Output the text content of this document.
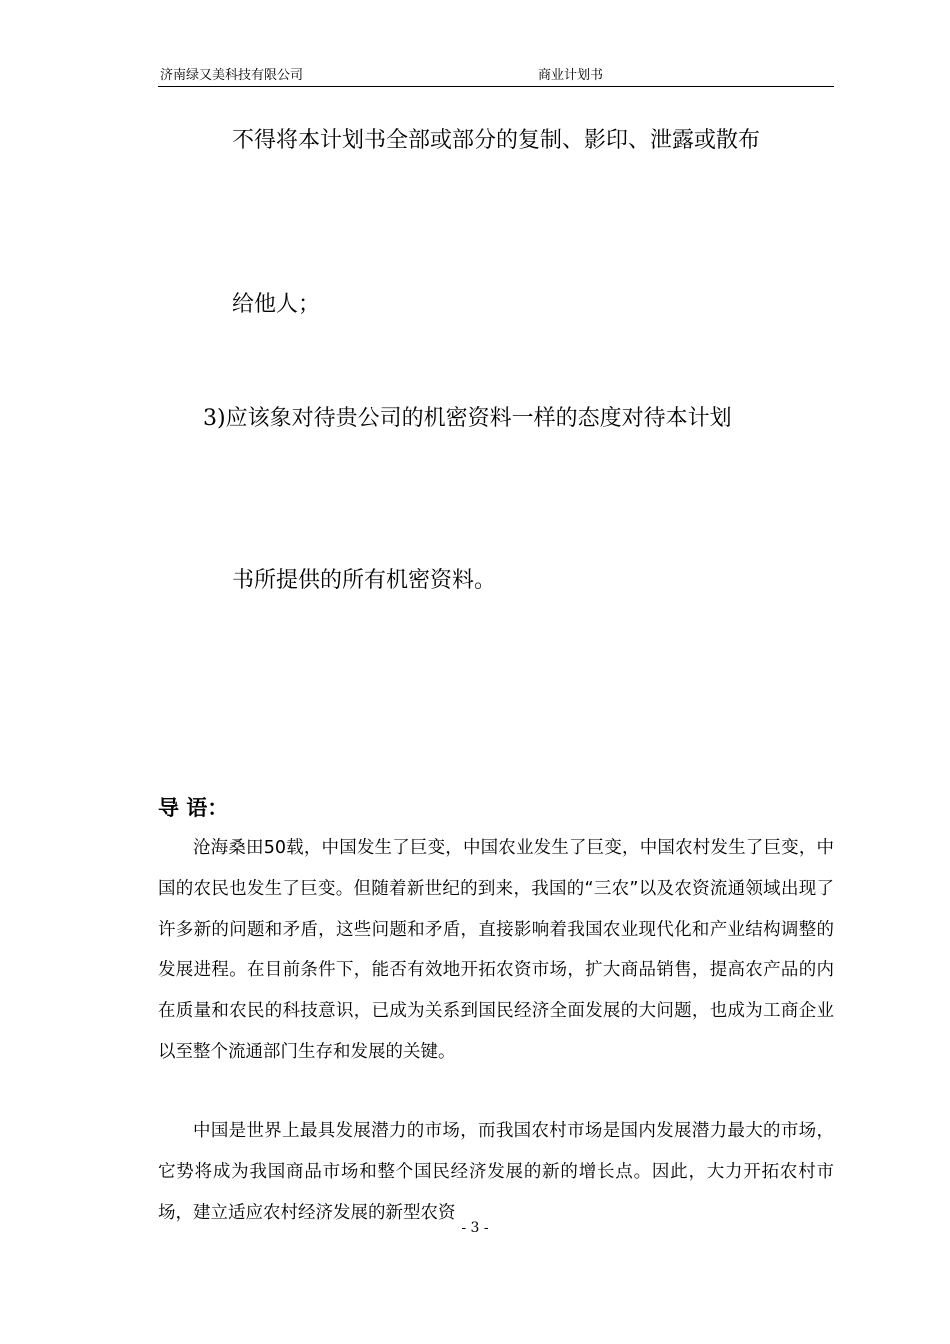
济南绿又美科技有限公司	商业计划书
不得将本计划书全部或部分的复制、影印、泄露或散布
给他人；
3)应该象对待贵公司的机密资料一样的态度对待本计划
书所提供的所有机密资料。
导 语：

沧海桑田50载，中国发生了巨变，中国农业发生了巨变，中国农村发生了巨变，中国的农民也发生了巨变。但随着新世纪的到来，我国的“三农”以及农资流通领域出现了许多新的问题和矛盾，这些问题和矛盾，直接影响着我国农业现代化和产业结构调整的发展进程。在目前条件下，能否有效地开拓农资市场，扩大商品销售，提高农产品的内在质量和农民的科技意识，已成为关系到国民经济全面发展的大问题，也成为工商企业以至整个流通部门生存和发展的关键。

中国是世界上最具发展潜力的市场，而我国农村市场是国内发展潜力最大的市场，它势将成为我国商品市场和整个国民经济发展的新的增长点。因此，大力开拓农村市场，建立适应农村经济发展的新型农资

- 3 -
